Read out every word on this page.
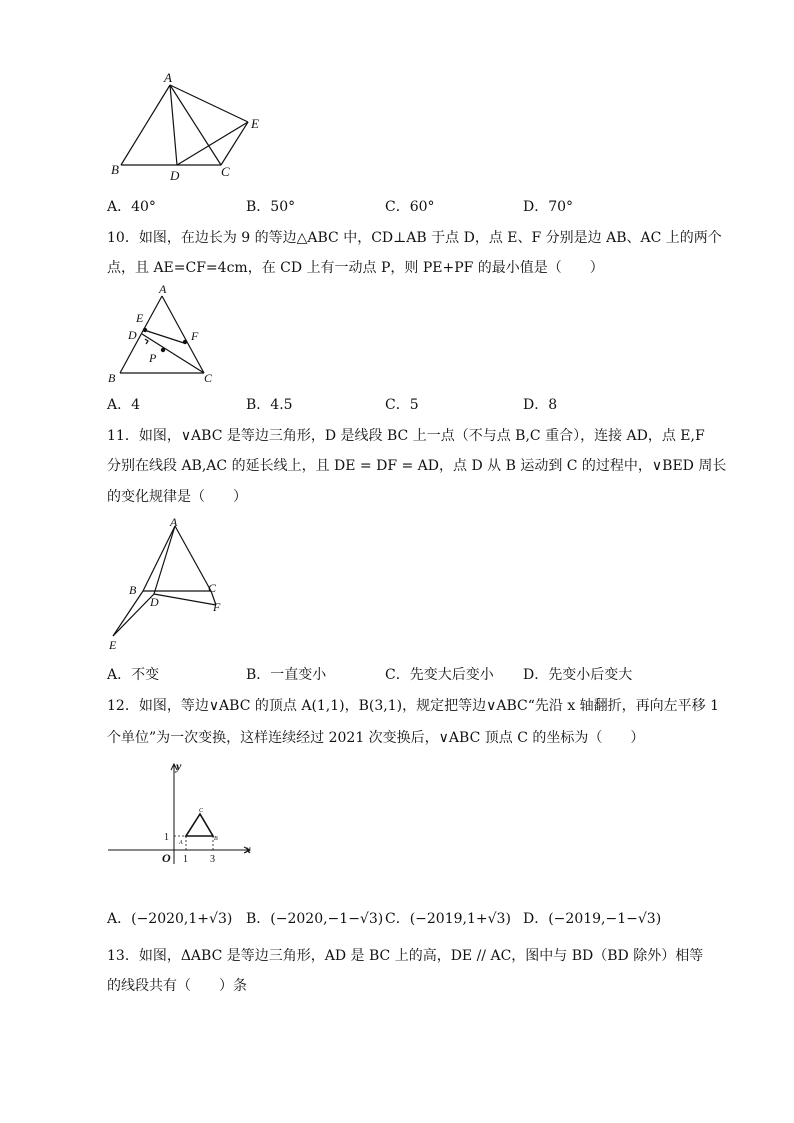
A
B	D	C
E
A．40°	B．50°	C．60°	D．70°
10．如图，在边长为 9 的等边△ABC 中，CD⊥AB 于点 D，点 E、F 分别是边 AB、AC 上的两个
点，且 AE=CF=4cm，在 CD 上有一动点 P，则 PE+PF 的最小值是（　　）
A
E
D	F
P
B	C
A．4	B．4.5	C．5	D．8
11．如图，∨ABC 是等边三角形，D 是线段 BC 上一点（不与点 B,C 重合），连接 AD，点 E,F
分别在线段 AB,AC 的延长线上，且 DE = DF = AD，点 D 从 B 运动到 C 的过程中，∨BED 周长
的变化规律是（　　）
A
B
D
C
F
E
A．不变	B．一直变小	C．先变大后变小 D．先变小后变大
12．如图，等边∨ABC 的顶点 A(1,1)，B(3,1)，规定把等边∨ABC“先沿 x 轴翻折，再向左平移 1
个单位”为一次变换，这样连续经过 2021 次变换后，∨ABC 顶点 C 的坐标为（　　）
y
x
O
1
1 3
A
B
C
A．(−2020,1+√3) B．(−2020,−1−√3) C．(−2019,1+√3) D．(−2019,−1−√3)
13．如图，ΔABC 是等边三角形，AD 是 BC 上的高，DE // AC，图中与 BD（BD 除外）相等
的线段共有（　　）条
